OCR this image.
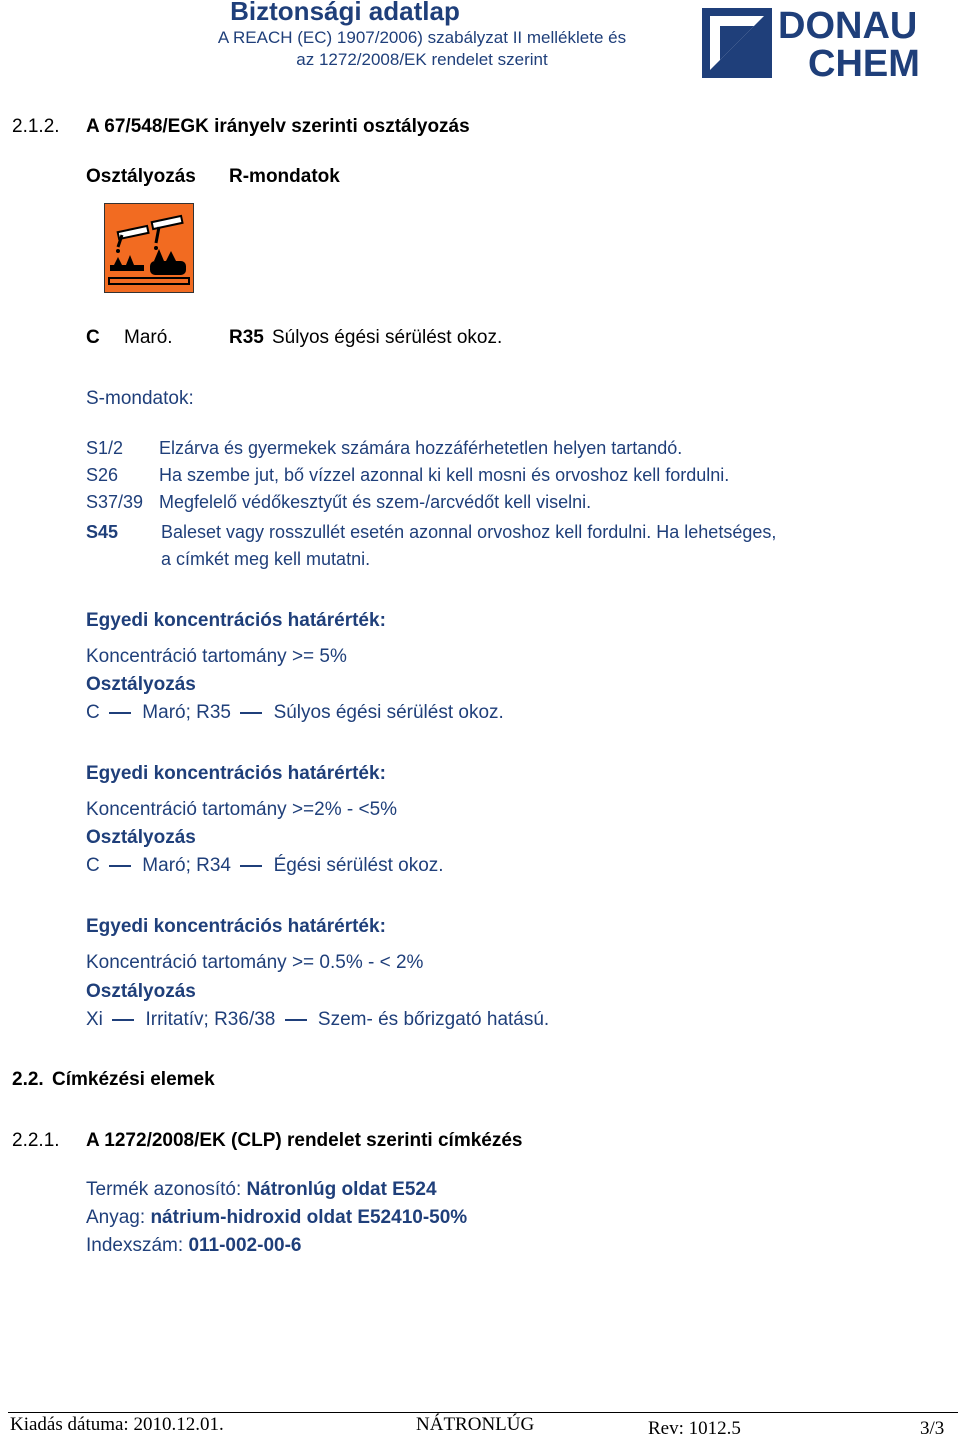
Biztonsági adatlap
A REACH (EC) 1907/2006) szabályzat II melléklete és
az 1272/2008/EK rendelet szerint
DONAU
CHEM
2.1.2. A 67/548/EGK irányelv szerinti osztályozás
Osztályozás R-mondatok
C Maró.	R35 Súlyos égési sérülést okoz.
S-mondatok:
S1/2 Elzárva és gyermekek számára hozzáférhetetlen helyen tartandó.
S26 Ha szembe jut, bő vízzel azonnal ki kell mosni és orvoshoz kell fordulni.
S37/39 Megfelelő védőkesztyűt és szem-/arcvédőt kell viselni.
S45 Baleset vagy rosszullét esetén azonnal orvoshoz kell fordulni. Ha lehetséges,
a címkét meg kell mutatni.
Egyedi koncentrációs határérték:
Koncentráció tartomány >= 5%
Osztályozás
C Maró; R35 Súlyos égési sérülést okoz.
Egyedi koncentrációs határérték:
Koncentráció tartomány >=2% - <5%
Osztályozás
C Maró; R34 Égési sérülést okoz.
Egyedi koncentrációs határérték:
Koncentráció tartomány >= 0.5% - < 2%
Osztályozás
Xi Irritatív; R36/38 Szem- és bőrizgató hatású.
2.2. Címkézési elemek
2.2.1. A 1272/2008/EK (CLP) rendelet szerinti címkézés
Termék azonosító: Nátronlúg oldat E524
Anyag: nátrium-hidroxid oldat E52410-50%
Indexszám: 011-002-00-6
Kiadás dátuma: 2010.12.01.	NÁTRONLÚG	Rev: 1012.5	3/3
